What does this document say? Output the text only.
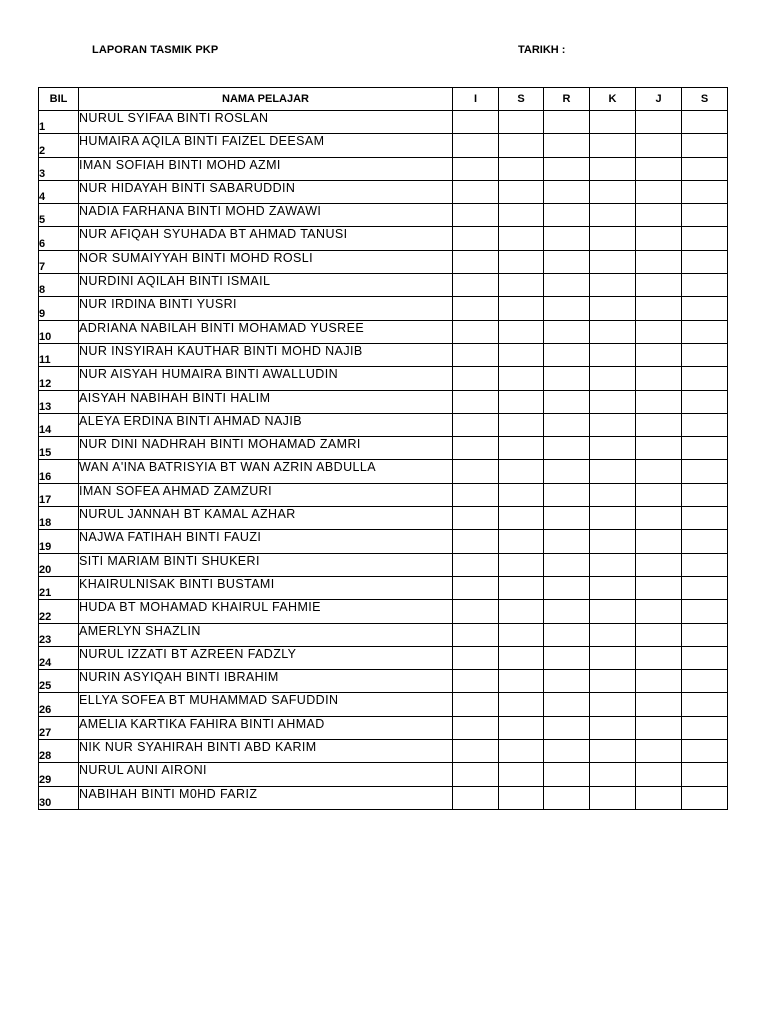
LAPORAN TASMIK PKP	TARIKH :
BIL	NAMA PELAJAR	I	S	R	K	J	S
1	NURUL SYIFAA BINTI ROSLAN						
2	HUMAIRA AQILA BINTI FAIZEL DEESAM						
3	IMAN SOFIAH BINTI MOHD AZMI						
4	NUR HIDAYAH BINTI SABARUDDIN						
5	NADIA FARHANA BINTI MOHD ZAWAWI						
6	NUR AFIQAH SYUHADA BT AHMAD TANUSI						
7	NOR SUMAIYYAH BINTI MOHD ROSLI						
8	NURDINI AQILAH BINTI ISMAIL						
9	NUR IRDINA BINTI YUSRI						
10	ADRIANA NABILAH BINTI MOHAMAD YUSREE						
11	NUR INSYIRAH KAUTHAR BINTI MOHD NAJIB						
12	NUR AISYAH HUMAIRA BINTI AWALLUDIN						
13	AISYAH NABIHAH BINTI HALIM						
14	ALEYA ERDINA BINTI AHMAD NAJIB						
15	NUR DINI NADHRAH BINTI MOHAMAD ZAMRI						
16	WAN A'INA BATRISYIA BT WAN AZRIN ABDULLA						
17	IMAN SOFEA AHMAD ZAMZURI						
18	NURUL JANNAH BT KAMAL AZHAR						
19	NAJWA FATIHAH BINTI FAUZI						
20	SITI MARIAM BINTI SHUKERI						
21	KHAIRULNISAK BINTI BUSTAMI						
22	HUDA BT MOHAMAD KHAIRUL FAHMIE						
23	AMERLYN SHAZLIN						
24	NURUL IZZATI BT AZREEN FADZLY						
25	NURIN ASYIQAH BINTI IBRAHIM						
26	ELLYA SOFEA BT MUHAMMAD SAFUDDIN						
27	AMELIA KARTIKA FAHIRA BINTI AHMAD						
28	NIK NUR SYAHIRAH BINTI ABD KARIM						
29	NURUL AUNI AIRONI						
30	NABIHAH BINTI M0HD FARIZ						
